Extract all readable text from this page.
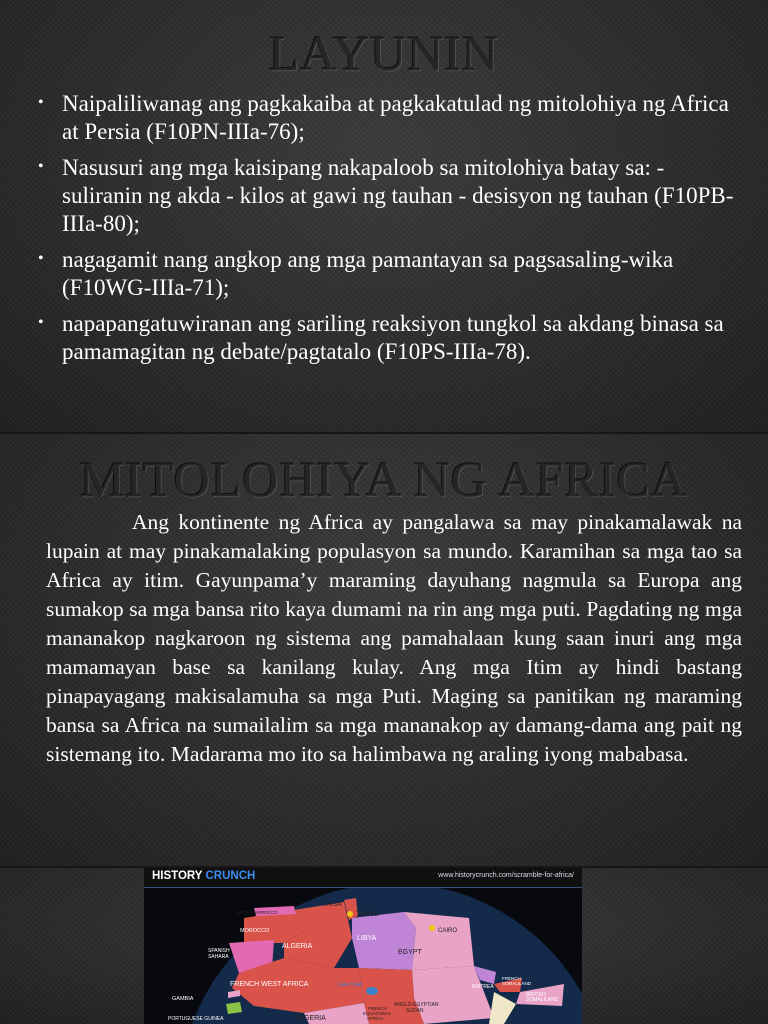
LAYUNIN
• Naipaliliwanag ang pagkakaiba at pagkakatulad ng mitolohiya ng Africa at Persia (F10PN-IIIa-76);
• Nasusuri ang mga kaisipang nakapaloob sa mitolohiya batay sa: - suliranin ng akda - kilos at gawi ng tauhan - desisyon ng tauhan (F10PB-IIIa-80);
• nagagamit nang angkop ang mga pamantayan sa pagsasaling-wika (F10WG-IIIa-71);
• napapangatuwiranan ang sariling reaksiyon tungkol sa akdang binasa sa pamamagitan ng debate/pagtatalo (F10PS-IIIa-78).
MITOLOHIYA NG AFRICA

Ang kontinente ng Africa ay pangalawa sa may pinakamalawak na lupain at may pinakamalaking populasyon sa mundo. Karamihan sa mga tao sa Africa ay itim. Gayunpama’y maraming dayuhang nagmula sa Europa ang sumakop sa mga bansa rito kaya dumami na rin ang mga puti. Pagdating ng mga mananakop nagkaroon ng sistema ang pamahalaan kung saan inuri ang mga mamamayan base sa kanilang kulay. Ang mga Itim ay hindi bastang pinapayagang makisalamuha sa mga Puti. Maging sa panitikan ng maraming bansa sa Africa na sumailalim sa mga mananakop ay damang-dama ang pait ng sistemang ito. Madarama mo ito sa halimbawa ng araling iyong mababasa.

HISTORY CRUNCH	www.historycrunch.com/scramble-for-africa/
SPANISH MOROCCO
TUNISIA
TRIPOLI
MOROCCO
LIBYA
CAIRO
ALGERIA
EGYPT
SPANISH
SAHARA
FRENCH WEST AFRICA	ERITREA
FRENCH
SOMALILAND
GAMBIA
BRITISH
SOMALILAND
Lake Chad
ANGLO-EGYPTIAN
SUDAN
PORTUGUESE GUINEA	NIGERIA
FRENCH
EQUATORIAL
AFRICA
